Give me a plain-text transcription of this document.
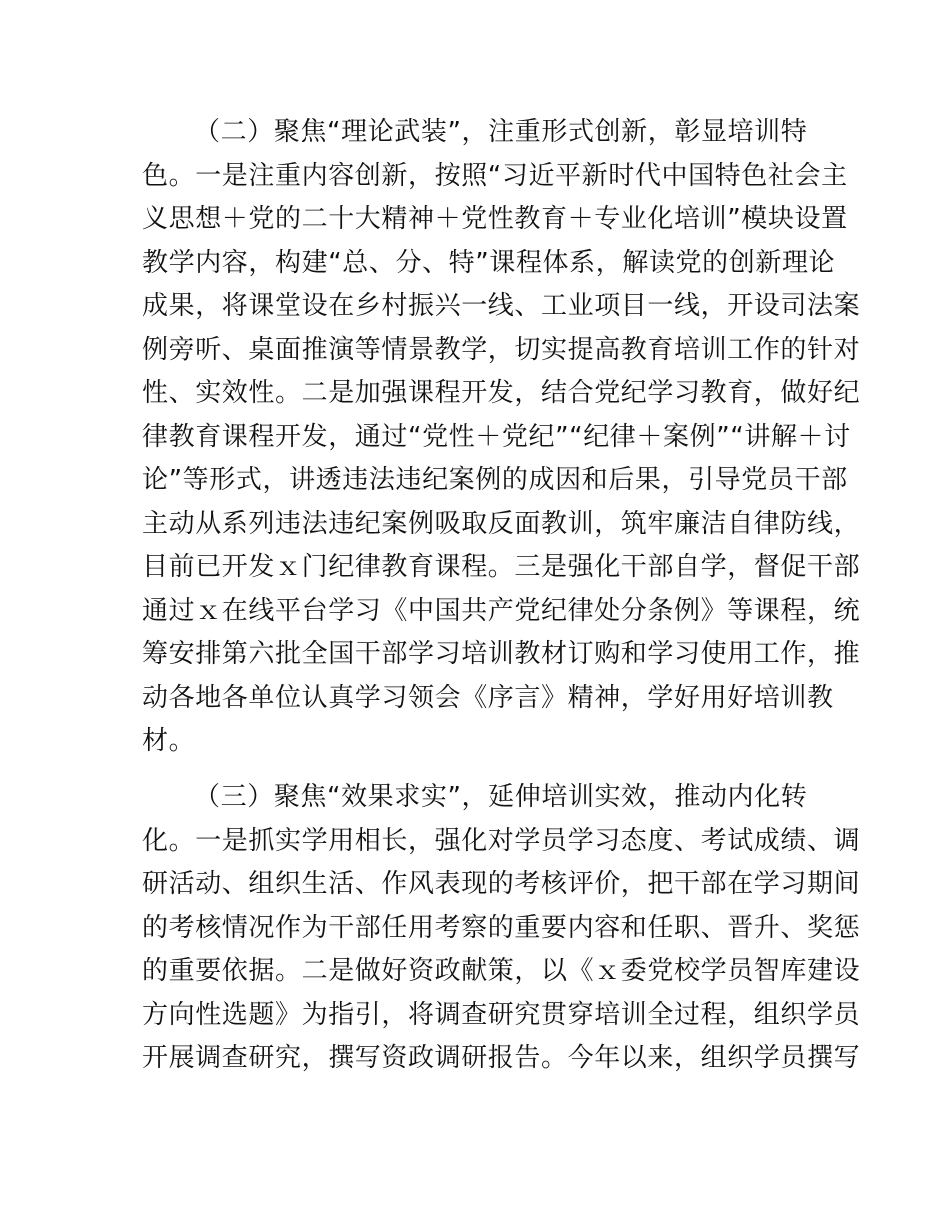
（二）聚焦“理论武装”，注重形式创新，彰显培训特
色。一是注重内容创新，按照“习近平新时代中国特色社会主
义思想＋党的二十大精神＋党性教育＋专业化培训”模块设置
教学内容，构建“总、分、特”课程体系，解读党的创新理论
成果，将课堂设在乡村振兴一线、工业项目一线，开设司法案
例旁听、桌面推演等情景教学，切实提高教育培训工作的针对
性、实效性。二是加强课程开发，结合党纪学习教育，做好纪
律教育课程开发，通过“党性＋党纪”“纪律＋案例”“讲解＋讨
论”等形式，讲透违法违纪案例的成因和后果，引导党员干部
主动从系列违法违纪案例吸取反面教训，筑牢廉洁自律防线，
目前已开发ｘ门纪律教育课程。三是强化干部自学，督促干部
通过ｘ在线平台学习《中国共产党纪律处分条例》等课程，统
筹安排第六批全国干部学习培训教材订购和学习使用工作，推
动各地各单位认真学习领会《序言》精神，学好用好培训教
材。
（三）聚焦“效果求实”，延伸培训实效，推动内化转
化。一是抓实学用相长，强化对学员学习态度、考试成绩、调
研活动、组织生活、作风表现的考核评价，把干部在学习期间
的考核情况作为干部任用考察的重要内容和任职、晋升、奖惩
的重要依据。二是做好资政献策，以《ｘ委党校学员智库建设
方向性选题》为指引，将调查研究贯穿培训全过程，组织学员
开展调查研究，撰写资政调研报告。今年以来，组织学员撰写
